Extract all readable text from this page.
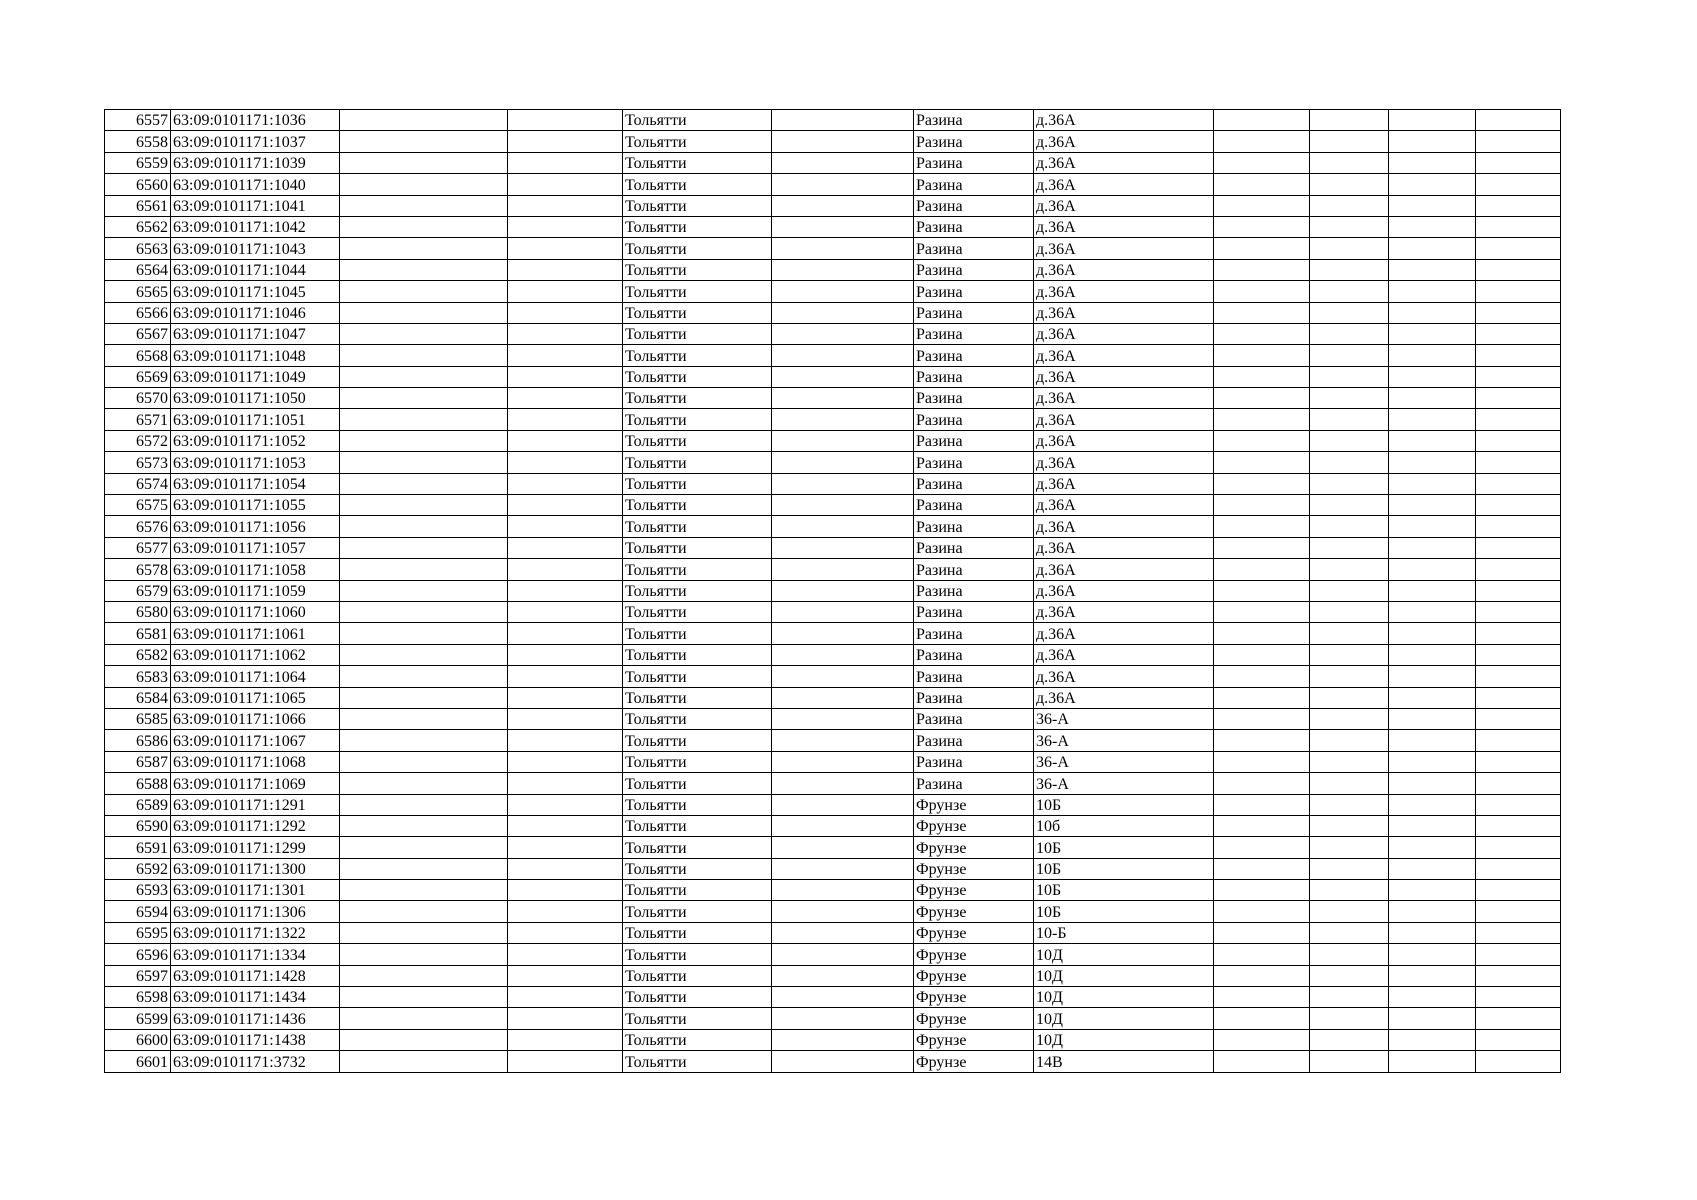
6557	63:09:0101171:1036			Тольятти		Разина	д.36А				
6558	63:09:0101171:1037			Тольятти		Разина	д.36А				
6559	63:09:0101171:1039			Тольятти		Разина	д.36А				
6560	63:09:0101171:1040			Тольятти		Разина	д.36А				
6561	63:09:0101171:1041			Тольятти		Разина	д.36А				
6562	63:09:0101171:1042			Тольятти		Разина	д.36А				
6563	63:09:0101171:1043			Тольятти		Разина	д.36А				
6564	63:09:0101171:1044			Тольятти		Разина	д.36А				
6565	63:09:0101171:1045			Тольятти		Разина	д.36А				
6566	63:09:0101171:1046			Тольятти		Разина	д.36А				
6567	63:09:0101171:1047			Тольятти		Разина	д.36А				
6568	63:09:0101171:1048			Тольятти		Разина	д.36А				
6569	63:09:0101171:1049			Тольятти		Разина	д.36А				
6570	63:09:0101171:1050			Тольятти		Разина	д.36А				
6571	63:09:0101171:1051			Тольятти		Разина	д.36А				
6572	63:09:0101171:1052			Тольятти		Разина	д.36А				
6573	63:09:0101171:1053			Тольятти		Разина	д.36А				
6574	63:09:0101171:1054			Тольятти		Разина	д.36А				
6575	63:09:0101171:1055			Тольятти		Разина	д.36А				
6576	63:09:0101171:1056			Тольятти		Разина	д.36А				
6577	63:09:0101171:1057			Тольятти		Разина	д.36А				
6578	63:09:0101171:1058			Тольятти		Разина	д.36А				
6579	63:09:0101171:1059			Тольятти		Разина	д.36А				
6580	63:09:0101171:1060			Тольятти		Разина	д.36А				
6581	63:09:0101171:1061			Тольятти		Разина	д.36А				
6582	63:09:0101171:1062			Тольятти		Разина	д.36А				
6583	63:09:0101171:1064			Тольятти		Разина	д.36А				
6584	63:09:0101171:1065			Тольятти		Разина	д.36А				
6585	63:09:0101171:1066			Тольятти		Разина	36-А				
6586	63:09:0101171:1067			Тольятти		Разина	36-А				
6587	63:09:0101171:1068			Тольятти		Разина	36-А				
6588	63:09:0101171:1069			Тольятти		Разина	36-А				
6589	63:09:0101171:1291			Тольятти		Фрунзе	10Б				
6590	63:09:0101171:1292			Тольятти		Фрунзе	10б				
6591	63:09:0101171:1299			Тольятти		Фрунзе	10Б				
6592	63:09:0101171:1300			Тольятти		Фрунзе	10Б				
6593	63:09:0101171:1301			Тольятти		Фрунзе	10Б				
6594	63:09:0101171:1306			Тольятти		Фрунзе	10Б				
6595	63:09:0101171:1322			Тольятти		Фрунзе	10-Б				
6596	63:09:0101171:1334			Тольятти		Фрунзе	10Д				
6597	63:09:0101171:1428			Тольятти		Фрунзе	10Д				
6598	63:09:0101171:1434			Тольятти		Фрунзе	10Д				
6599	63:09:0101171:1436			Тольятти		Фрунзе	10Д				
6600	63:09:0101171:1438			Тольятти		Фрунзе	10Д				
6601	63:09:0101171:3732			Тольятти		Фрунзе	14В				
